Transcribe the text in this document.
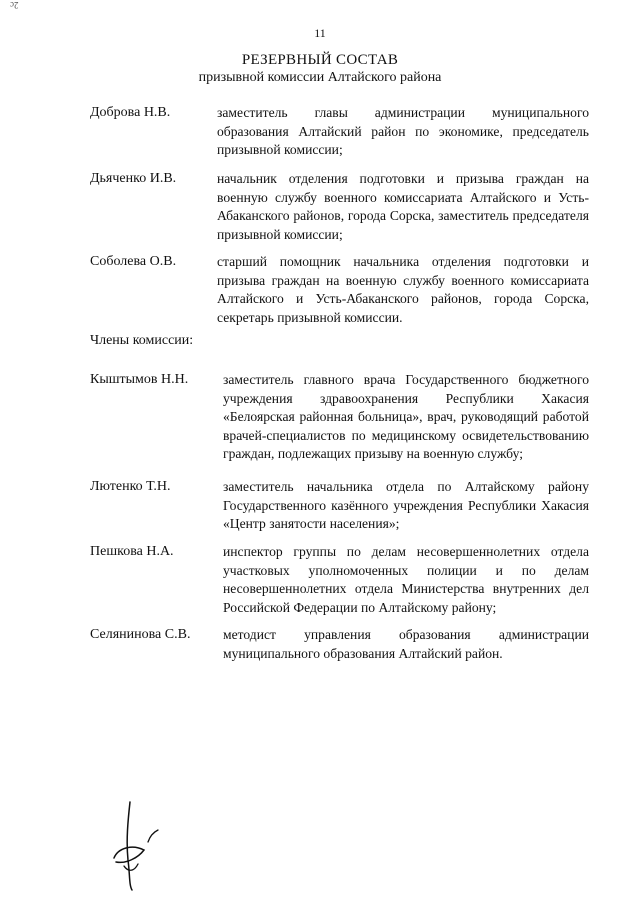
2c
11
РЕЗЕРВНЫЙ СОСТАВ
призывной комиссии Алтайского района
Доброва Н.В.	заместитель главы администрации муниципального образования Алтайский район по экономике, председатель призывной комиссии;
Дьяченко И.В.	начальник отделения подготовки и призыва граждан на военную службу военного комиссариата Алтайского и Усть-Абаканского районов, города Сорска, заместитель председателя призывной комиссии;
Соболева О.В.	старший помощник начальника отделения подготовки и призыва граждан на военную службу военного комиссариата Алтайского и Усть-Абаканского районов, города Сорска, секретарь призывной комиссии.
Члены комиссии:
Кыштымов Н.Н.	заместитель главного врача Государственного бюджетного учреждения здравоохранения Республики Хакасия «Белоярская районная больница», врач, руководящий работой врачей-специалистов по медицинскому освидетельствованию граждан, подлежащих призыву на военную службу;
Лютенко Т.Н.	заместитель начальника отдела по Алтайскому району Государственного казённого учреждения Республики Хакасия «Центр занятости населения»;
Пешкова Н.А.	инспектор группы по делам несовершеннолетних отдела участковых уполномоченных полиции и по делам несовершеннолетних отдела Министерства внутренних дел Российской Федерации по Алтайскому району;
Селянинова С.В. методист управления образования администрации муниципального образования Алтайский район.
